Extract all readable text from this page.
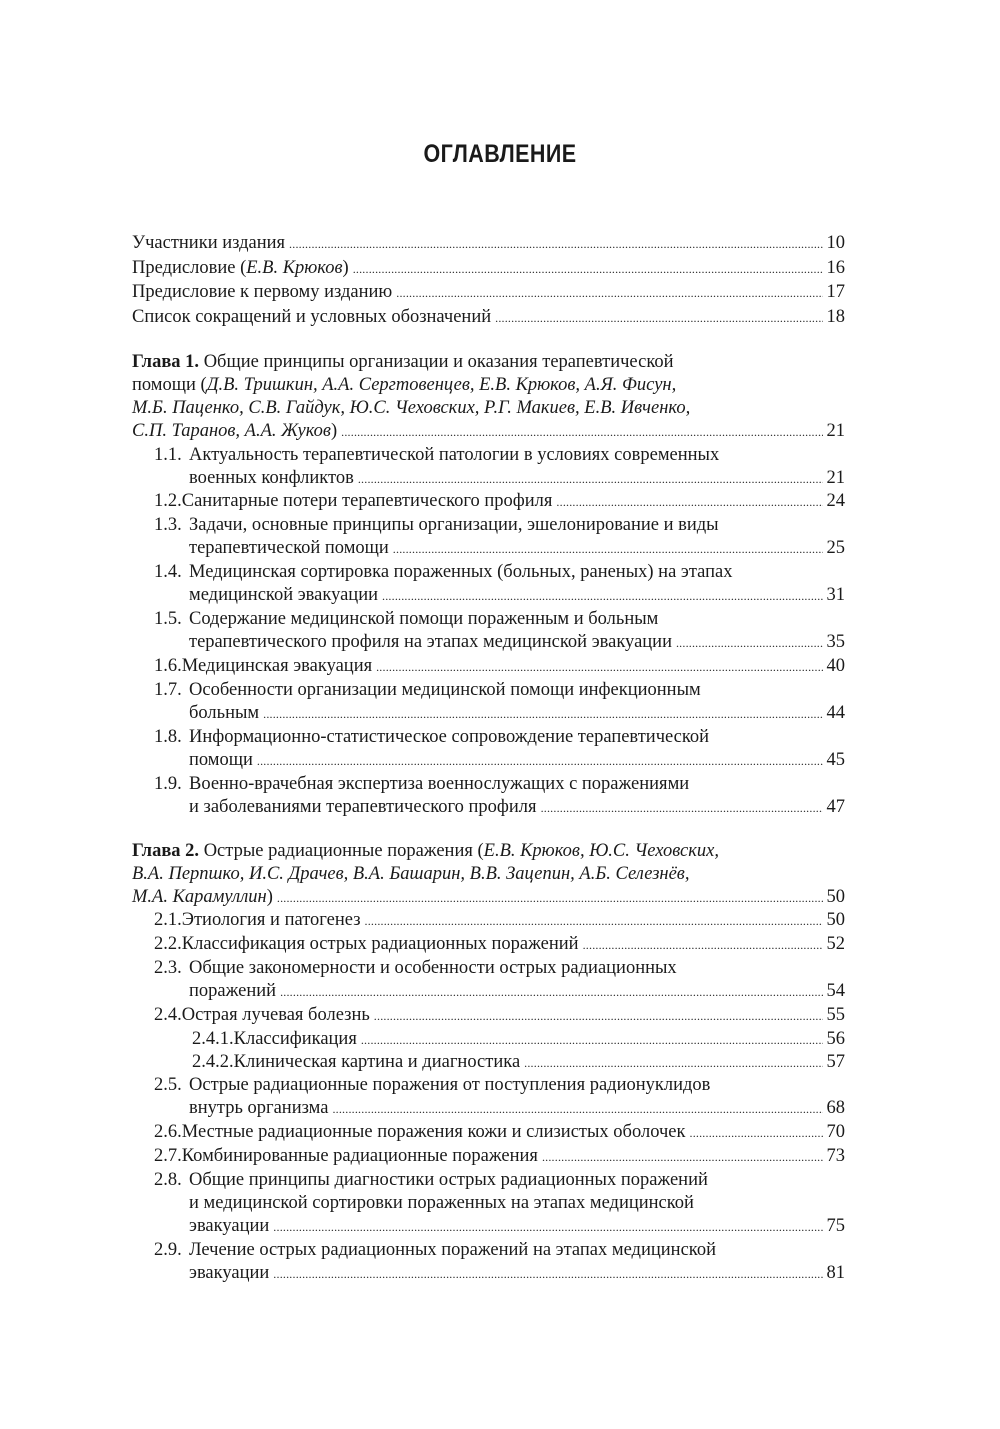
ОГЛАВЛЕНИЕ
Участники издания . . .	10
Предисловие (Е.В. Крюков) . . .	16
Предисловие к первому изданию . . .	17
Список сокращений и условных обозначений . . .	18
Глава 1. Общие принципы организации и оказания терапевтической
помощи (Д.В. Тришкин, А.А. Сергтовенцев, Е.В. Крюков, А.Я. Фисун,
М.Б. Паценко, С.В. Гайдук, Ю.С. Чеховских, Р.Г. Макиев, Е.В. Ивченко,
С.П. Таранов, А.А. Жуков) . . .	21
1.1. Актуальность терапевтической патологии в условиях современных
военных конфликтов . . .	21
1.2. Санитарные потери терапевтического профиля . . .	24
1.3. Задачи, основные принципы организации, эшелонирование и виды
терапевтической помощи . . .	25
1.4. Медицинская сортировка пораженных (больных, раненых) на этапах
медицинской эвакуации . . .	31
1.5. Содержание медицинской помощи пораженным и больным
терапевтического профиля на этапах медицинской эвакуации . . .	35
1.6. Медицинская эвакуация . . .	40
1.7. Особенности организации медицинской помощи инфекционным
больным . . .	44
1.8. Информационно-статистическое сопровождение терапевтической
помощи . . .	45
1.9. Военно-врачебная экспертиза военнослужащих с поражениями
и заболеваниями терапевтического профиля . . .	47
Глава 2. Острые радиационные поражения (Е.В. Крюков, Ю.С. Чеховских,
В.А. Перпшко, И.С. Драчев, В.А. Башарин, В.В. Зацепин, А.Б. Селезнёв,
М.А. Карамуллин) . . .	50
2.1. Этиология и патогенез . . .	50
2.2. Классификация острых радиационных поражений . . .	52
2.3. Общие закономерности и особенности острых радиационных
поражений . . .	54
2.4. Острая лучевая болезнь . . .	55
2.4.1. Классификация . . .	56
2.4.2. Клиническая картина и диагностика . . .	57
2.5. Острые радиационные поражения от поступления радионуклидов
внутрь организма . . .	68
2.6. Местные радиационные поражения кожи и слизистых оболочек . . .	70
2.7. Комбинированные радиационные поражения . . .	73
2.8. Общие принципы диагностики острых радиационных поражений
и медицинской сортировки пораженных на этапах медицинской
эвакуации . . .	75
2.9. Лечение острых радиационных поражений на этапах медицинской
эвакуации . . .	81
